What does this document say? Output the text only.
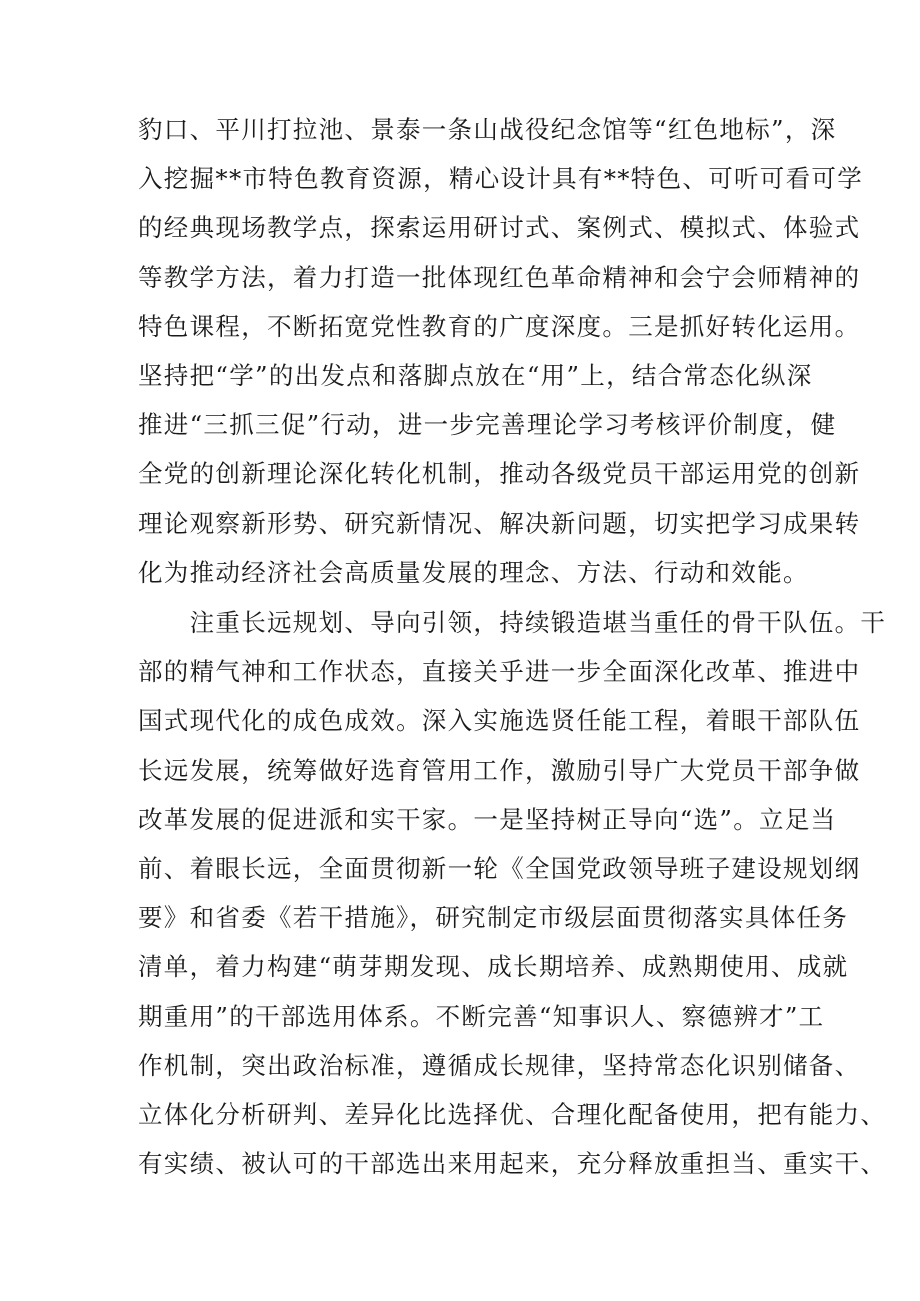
豹口、平川打拉池、景泰一条山战役纪念馆等“红色地标”，深
入挖掘**市特色教育资源，精心设计具有**特色、可听可看可学
的经典现场教学点，探索运用研讨式、案例式、模拟式、体验式
等教学方法，着力打造一批体现红色革命精神和会宁会师精神的
特色课程，不断拓宽党性教育的广度深度。三是抓好转化运用。
坚持把“学”的出发点和落脚点放在“用”上，结合常态化纵深
推进“三抓三促”行动，进一步完善理论学习考核评价制度，健
全党的创新理论深化转化机制，推动各级党员干部运用党的创新
理论观察新形势、研究新情况、解决新问题，切实把学习成果转
化为推动经济社会高质量发展的理念、方法、行动和效能。
　　注重长远规划、导向引领，持续锻造堪当重任的骨干队伍。干
部的精气神和工作状态，直接关乎进一步全面深化改革、推进中
国式现代化的成色成效。深入实施选贤任能工程，着眼干部队伍
长远发展，统筹做好选育管用工作，激励引导广大党员干部争做
改革发展的促进派和实干家。一是坚持树正导向“选”。立足当
前、着眼长远，全面贯彻新一轮《全国党政领导班子建设规划纲
要》和省委《若干措施》，研究制定市级层面贯彻落实具体任务
清单，着力构建“萌芽期发现、成长期培养、成熟期使用、成就
期重用”的干部选用体系。不断完善“知事识人、察德辨才”工
作机制，突出政治标准，遵循成长规律，坚持常态化识别储备、
立体化分析研判、差异化比选择优、合理化配备使用，把有能力、
有实绩、被认可的干部选出来用起来，充分释放重担当、重实干、
